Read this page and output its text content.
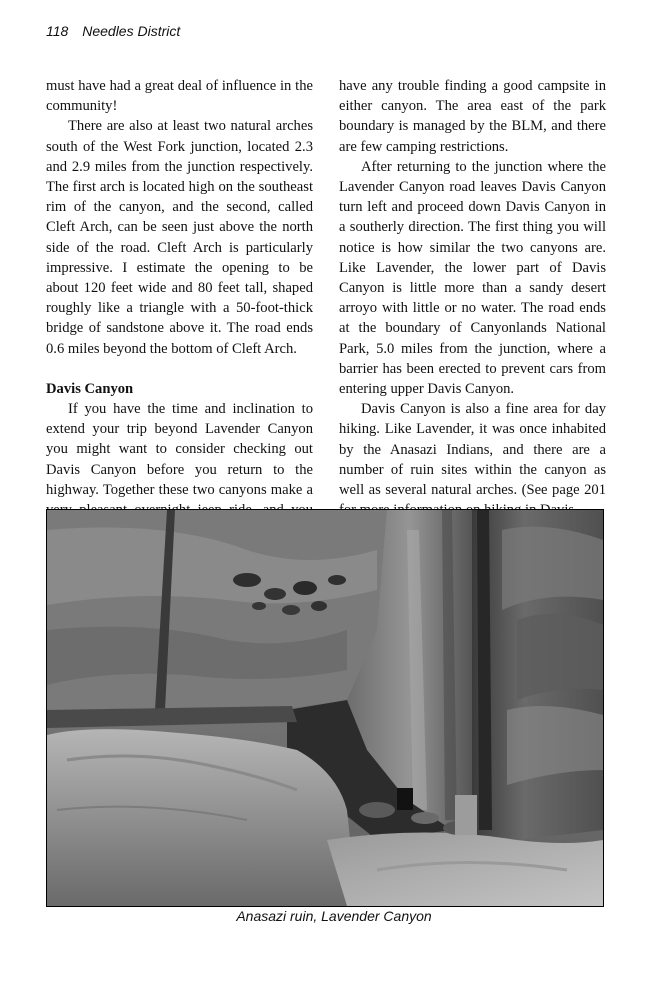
118 Needles District

must have had a great deal of influence in the community!

There are also at least two natural arches south of the West Fork junction, located 2.3 and 2.9 miles from the junction respectively. The first arch is located high on the southeast rim of the canyon, and the second, called Cleft Arch, can be seen just above the north side of the road. Cleft Arch is particularly impressive. I estimate the opening to be about 120 feet wide and 80 feet tall, shaped roughly like a triangle with a 50-foot-thick bridge of sandstone above it. The road ends 0.6 miles beyond the bottom of Cleft Arch.

Davis Canyon

If you have the time and inclination to extend your trip beyond Lavender Canyon you might want to consider checking out Davis Canyon before you return to the highway. Together these two canyons make a

have any trouble finding a good campsite in either canyon. The area east of the park boundary is managed by the BLM, and there are few camping restrictions.

After returning to the junction where the Lavender Canyon road leaves Davis Canyon turn left and proceed down Davis Canyon in a southerly direction. The first thing you will notice is how similar the two canyons are. Like Lavender, the lower part of Davis Canyon is little more than a sandy desert arroyo with little or no water. The road ends at the boundary of Canyonlands National Park, 5.0 miles from the junction, where a barrier has been erected to prevent cars from entering upper Davis Canyon.

Davis Canyon is also a fine area for day hiking. Like Lavender, it was once inhabited by the Anasazi Indians, and there are a number of ruin sites within the canyon as well as several natural arches. (See page 201

Anasazi ruin, Lavender Canyon
